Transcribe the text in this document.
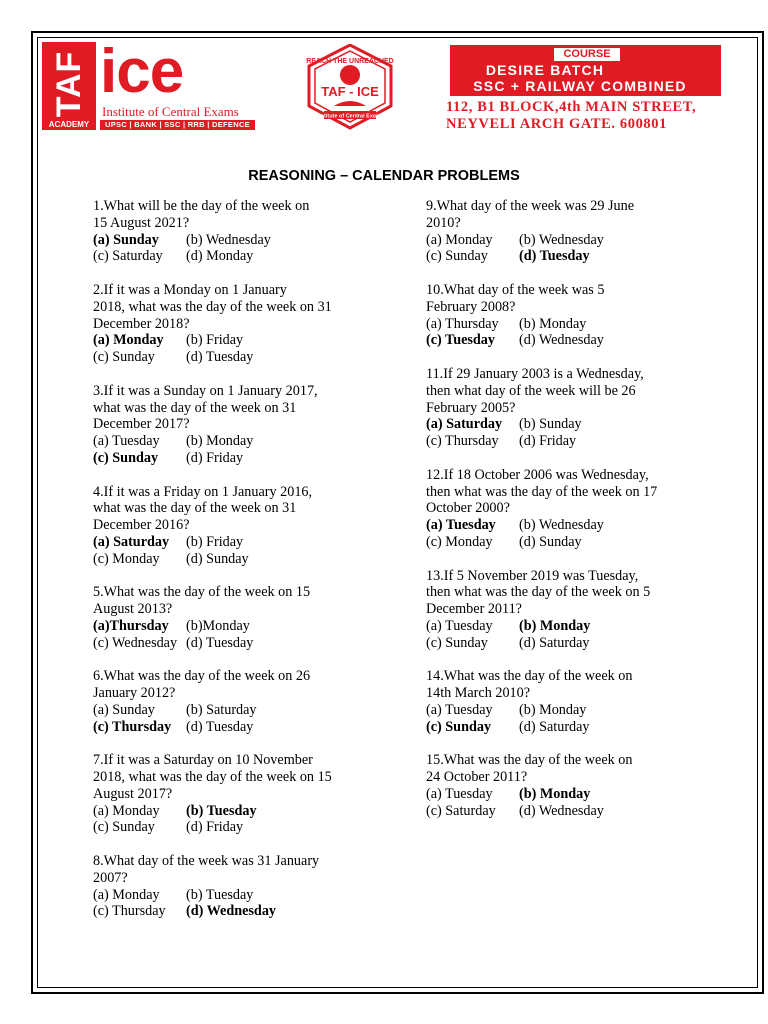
TAF
ACADEMY
ice
Institute of Central Exams
UPSC | BANK | SSC | RRB | DEFENCE
REACH THE UNREACHED
TAF - ICE
Institute of Central Exams
COURSE
DESIRE BATCH
SSC + RAILWAY COMBINED
112, B1 BLOCK,4th MAIN STREET,
NEYVELI ARCH GATE. 600801
REASONING – CALENDAR PROBLEMS
1.What will be the day of the week on
15 August 2021?
(a) Sunday	(b) Wednesday
(c) Saturday	(d) Monday
2.If it was a Monday on 1 January
2018, what was the day of the week on 31
December 2018?
(a) Monday	(b) Friday
(c) Sunday	(d) Tuesday
3.If it was a Sunday on 1 January 2017,
what was the day of the week on 31
December 2017?
(a) Tuesday	(b) Monday
(c) Sunday	(d) Friday
4.If it was a Friday on 1 January 2016,
what was the day of the week on 31
December 2016?
(a) Saturday	(b) Friday
(c) Monday	(d) Sunday
5.What was the day of the week on 15
August 2013?
(a)Thursday	(b)Monday
(c) Wednesday (d) Tuesday
6.What was the day of the week on 26
January 2012?
(a) Sunday	(b) Saturday
(c) Thursday	(d) Tuesday
7.If it was a Saturday on 10 November
2018, what was the day of the week on 15
August 2017?
(a) Monday	(b) Tuesday
(c) Sunday	(d) Friday
8.What day of the week was 31 January
2007?
(a) Monday	(b) Tuesday
(c) Thursday	(d) Wednesday
9.What day of the week was 29 June
2010?
(a) Monday	(b) Wednesday
(c) Sunday	(d) Tuesday
10.What day of the week was 5
February 2008?
(a) Thursday	(b) Monday
(c) Tuesday	(d) Wednesday
11.If 29 January 2003 is a Wednesday,
then what day of the week will be 26
February 2005?
(a) Saturday	(b) Sunday
(c) Thursday	(d) Friday
12.If 18 October 2006 was Wednesday,
then what was the day of the week on 17
October 2000?
(a) Tuesday	(b) Wednesday
(c) Monday	(d) Sunday
13.If 5 November 2019 was Tuesday,
then what was the day of the week on 5
December 2011?
(a) Tuesday	(b) Monday
(c) Sunday	(d) Saturday
14.What was the day of the week on
14th March 2010?
(a) Tuesday	(b) Monday
(c) Sunday	(d) Saturday
15.What was the day of the week on
24 October 2011?
(a) Tuesday	(b) Monday
(c) Saturday	(d) Wednesday
